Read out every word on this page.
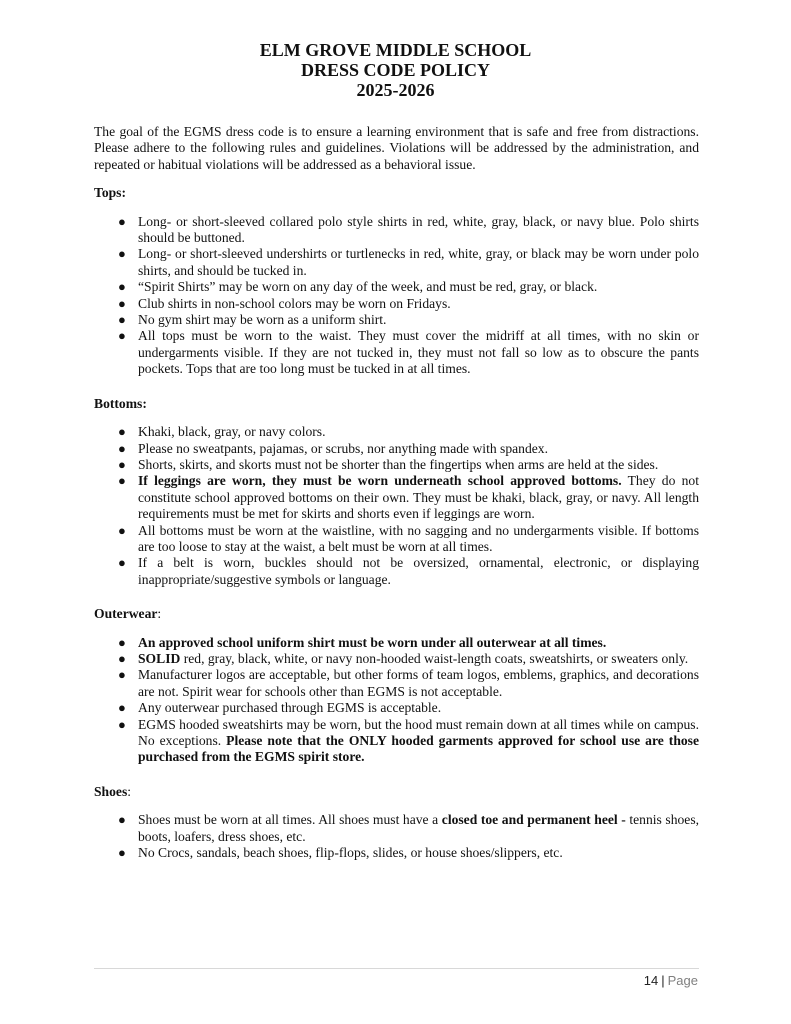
ELM GROVE MIDDLE SCHOOL
DRESS CODE POLICY
2025-2026

The goal of the EGMS dress code is to ensure a learning environment that is safe and free from distractions. Please adhere to the following rules and guidelines. Violations will be addressed by the administration, and repeated or habitual violations will be addressed as a behavioral issue.

Tops:

● Long- or short-sleeved collared polo style shirts in red, white, gray, black, or navy blue. Polo shirts should be buttoned.
● Long- or short-sleeved undershirts or turtlenecks in red, white, gray, or black may be worn under polo shirts, and should be tucked in.
● “Spirit Shirts” may be worn on any day of the week, and must be red, gray, or black.
● Club shirts in non-school colors may be worn on Fridays.
● No gym shirt may be worn as a uniform shirt.
● All tops must be worn to the waist. They must cover the midriff at all times, with no skin or undergarments visible. If they are not tucked in, they must not fall so low as to obscure the pants pockets. Tops that are too long must be tucked in at all times.

Bottoms:

● Khaki, black, gray, or navy colors.
● Please no sweatpants, pajamas, or scrubs, nor anything made with spandex.
● Shorts, skirts, and skorts must not be shorter than the fingertips when arms are held at the sides.
● If leggings are worn, they must be worn underneath school approved bottoms. They do not constitute school approved bottoms on their own. They must be khaki, black, gray, or navy. All length requirements must be met for skirts and shorts even if leggings are worn.
● All bottoms must be worn at the waistline, with no sagging and no undergarments visible. If bottoms are too loose to stay at the waist, a belt must be worn at all times.
● If a belt is worn, buckles should not be oversized, ornamental, electronic, or displaying inappropriate/suggestive symbols or language.

Outerwear:

● An approved school uniform shirt must be worn under all outerwear at all times.
● SOLID red, gray, black, white, or navy non-hooded waist-length coats, sweatshirts, or sweaters only.
● Manufacturer logos are acceptable, but other forms of team logos, emblems, graphics, and decorations are not. Spirit wear for schools other than EGMS is not acceptable.
● Any outerwear purchased through EGMS is acceptable.
● EGMS hooded sweatshirts may be worn, but the hood must remain down at all times while on campus. No exceptions. Please note that the ONLY hooded garments approved for school use are those purchased from the EGMS spirit store.

Shoes:

● Shoes must be worn at all times. All shoes must have a closed toe and permanent heel - tennis shoes, boots, loafers, dress shoes, etc.
● No Crocs, sandals, beach shoes, flip-flops, slides, or house shoes/slippers, etc.
14 | Page
